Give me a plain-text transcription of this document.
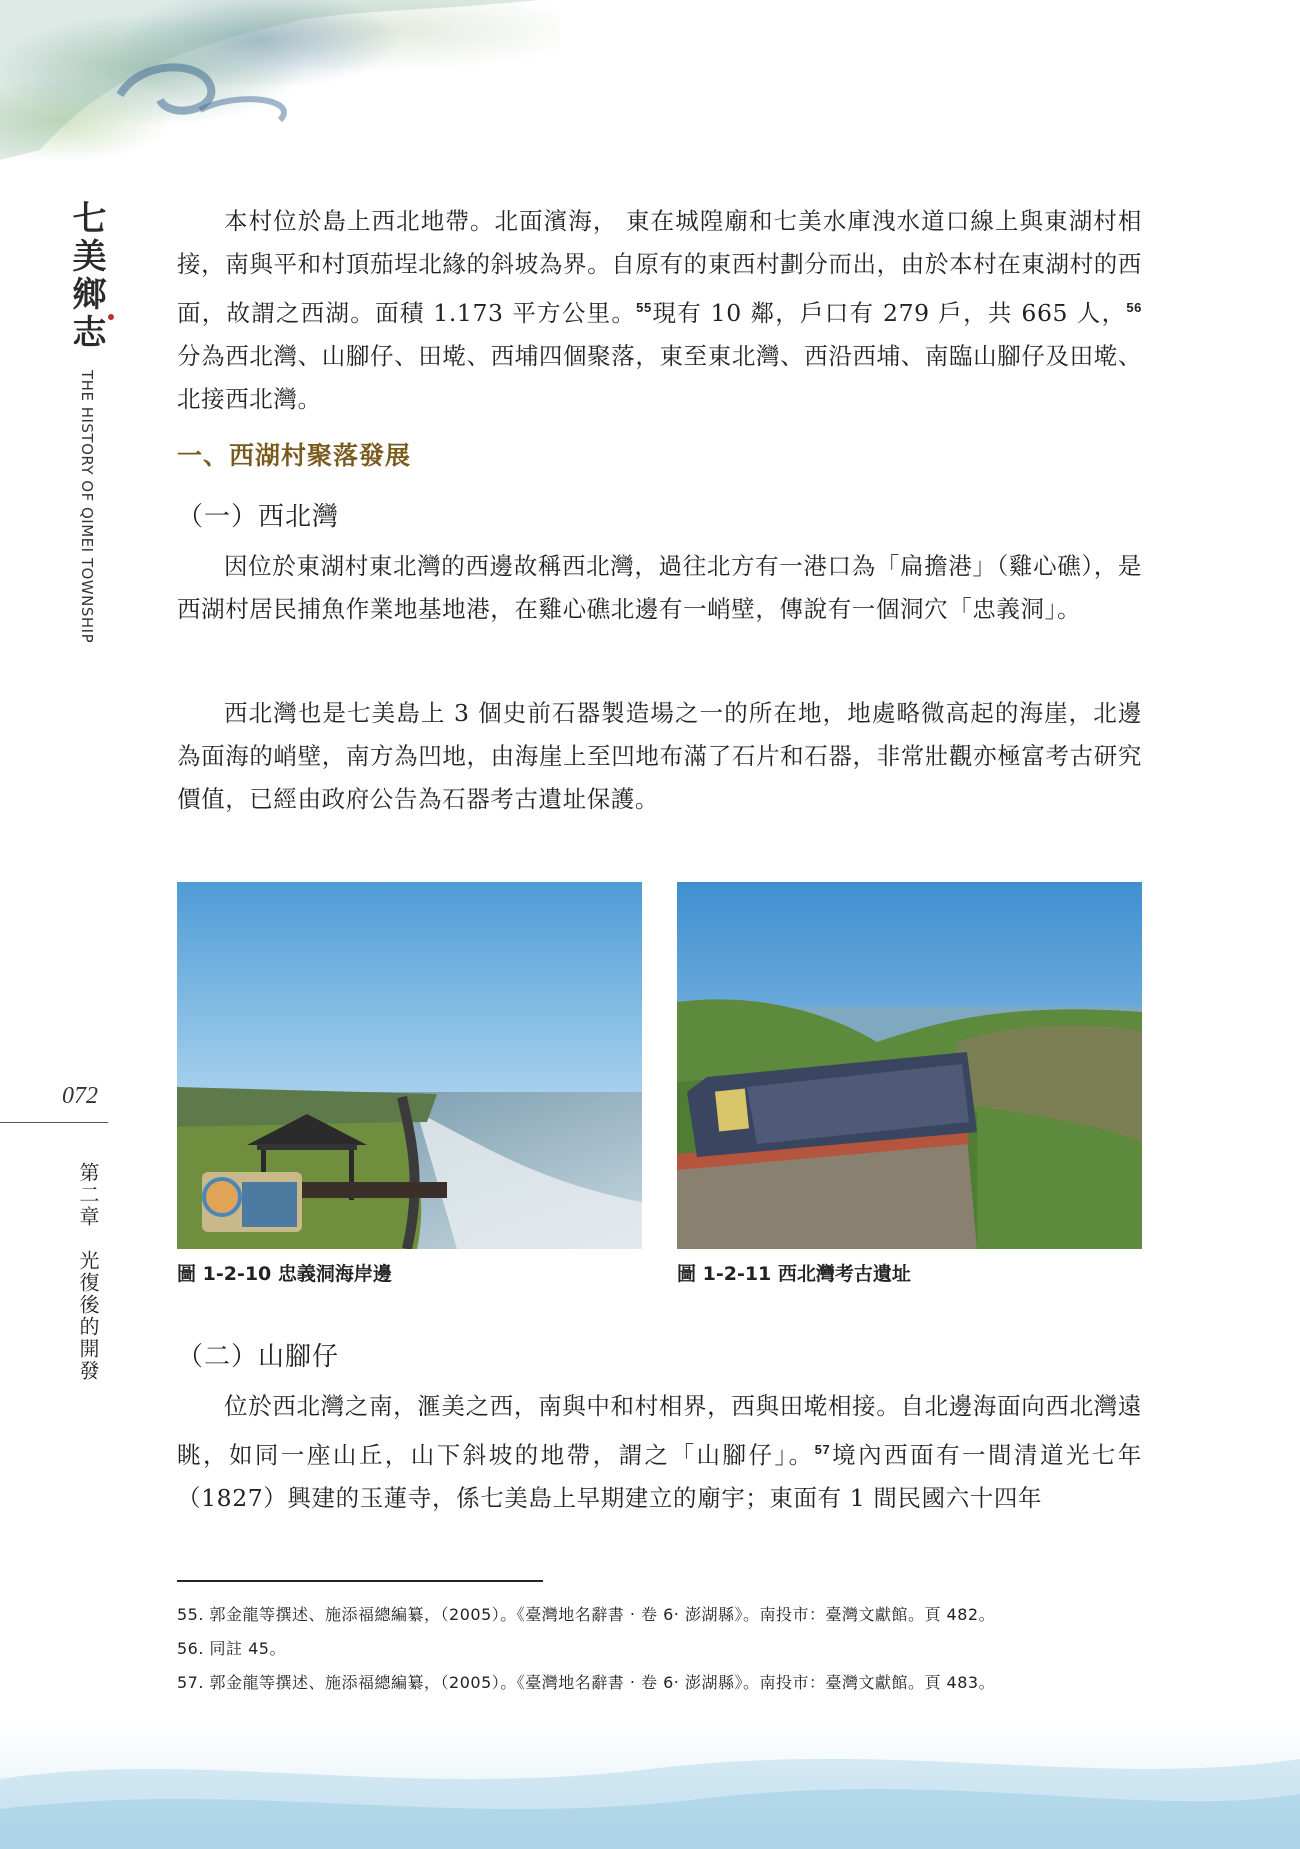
七美鄉志
THE HISTORY OF QIMEI TOWNSHIP
072
第二章　光復後的開發

本村位於島上西北地帶。北面濱海， 東在城隍廟和七美水庫洩水道口線上與東湖村相接，南與平和村頂茄埕北緣的斜坡為界。自原有的東西村劃分而出，由於本村在東湖村的西面，故謂之西湖。面積 1.173 平方公里。$^{55}$現有 10 鄰，戶口有 279 戶，共 665 人，$^{56}$分為西北灣、山腳仔、田墘、西埔四個聚落，東至東北灣、西沿西埔、南臨山腳仔及田墘、北接西北灣。

一、西湖村聚落發展
（一）西北灣

因位於東湖村東北灣的西邊故稱西北灣，過往北方有一港口為「扁擔港」（雞心礁），是西湖村居民捕魚作業地基地港，在雞心礁北邊有一峭壁，傳說有一個洞穴「忠義洞」。

西北灣也是七美島上 3 個史前石器製造場之一的所在地，地處略微高起的海崖，北邊為面海的峭壁，南方為凹地，由海崖上至凹地布滿了石片和石器，非常壯觀亦極富考古研究價值，已經由政府公告為石器考古遺址保護。

圖 1-2-10 忠義洞海岸邊	圖 1-2-11 西北灣考古遺址
（二）山腳仔

位於西北灣之南，滙美之西，南與中和村相界，西與田墘相接。自北邊海面向西北灣遠眺，如同一座山丘，山下斜坡的地帶，謂之「山腳仔」。$^{57}$境內西面有一間清道光七年（1827）興建的玉蓮寺，係七美島上早期建立的廟宇；東面有 1 間民國六十四年

55. 郭金龍等撰述、施添福總編纂，（2005）。《臺灣地名辭書 ‧ 卷 6‧ 澎湖縣》。南投市：臺灣文獻館。頁 482。
56. 同註 45。
57. 郭金龍等撰述、施添福總編纂，（2005）。《臺灣地名辭書 ‧ 卷 6‧ 澎湖縣》。南投市：臺灣文獻館。頁 483。
